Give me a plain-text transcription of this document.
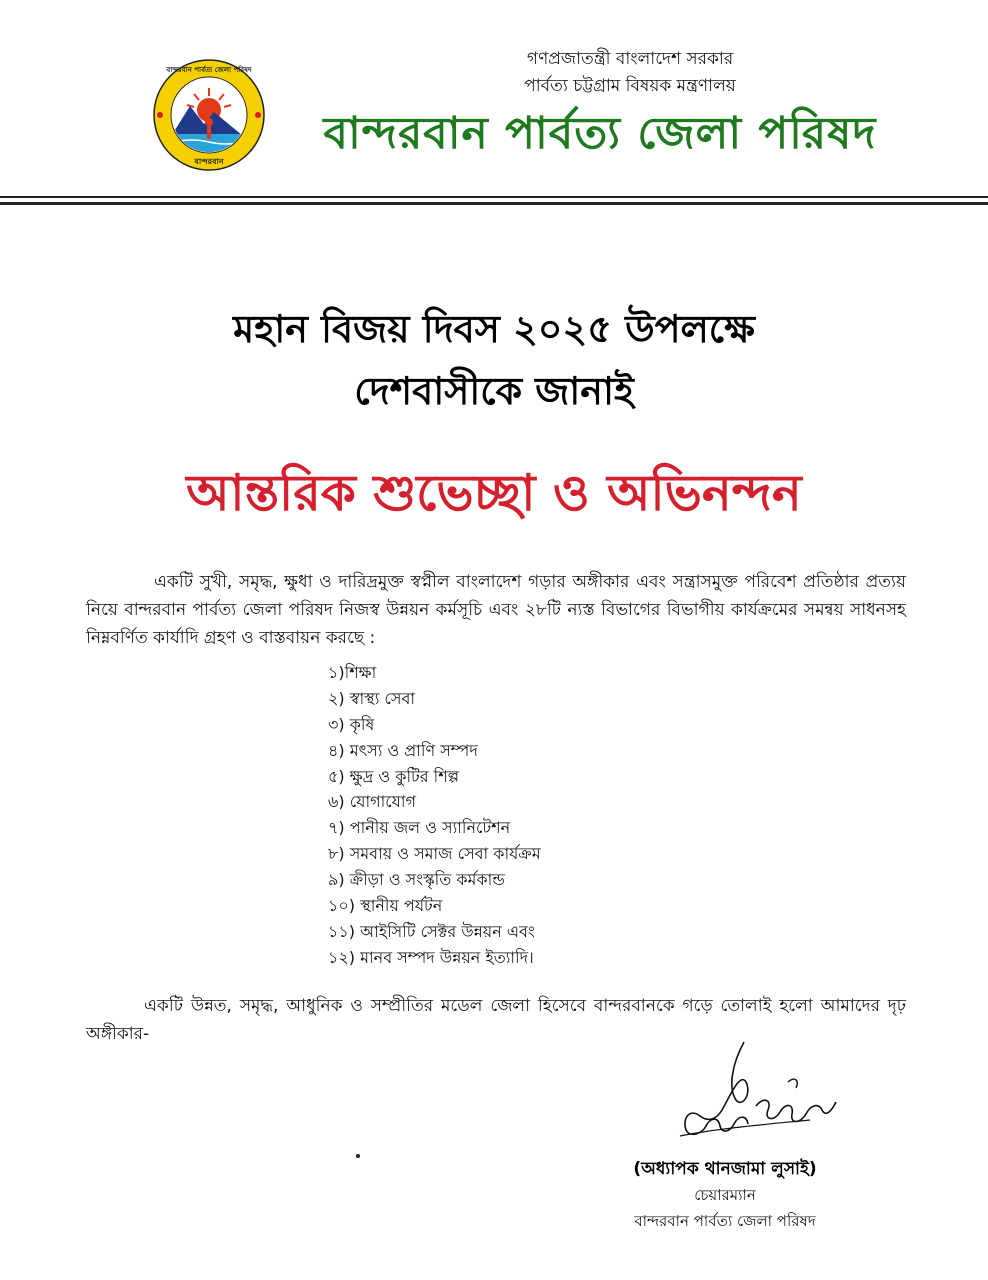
বান্দরবান পার্বত্য জেলা পরিষদ
বান্দরবান
গণপ্রজাতন্ত্রী বাংলাদেশ সরকার
পার্বত্য চট্টগ্রাম বিষয়ক মন্ত্রণালয়
বান্দরবান পার্বত্য জেলা পরিষদ
মহান বিজয় দিবস ২০২৫ উপলক্ষে
দেশবাসীকে জানাই
আন্তরিক শুভেচ্ছা ও অভিনন্দন

একটি সুখী, সমৃদ্ধ, ক্ষুধা ও দারিদ্রমুক্ত স্বপ্নীল বাংলাদেশ গড়ার অঙ্গীকার এবং সন্ত্রাসমুক্ত পরিবেশ প্রতিষ্ঠার প্রত্যয় নিয়ে বান্দরবান পার্বত্য জেলা পরিষদ নিজস্ব উন্নয়ন কর্মসূচি এবং ২৮টি ন্যস্ত বিভাগের বিভাগীয় কার্যক্রমের সমন্বয় সাধনসহ নিম্নবর্ণিত কার্যাদি গ্রহণ ও বাস্তবায়ন করছে :

১)শিক্ষা
২) স্বাস্থ্য সেবা
৩) কৃষি
৪) মৎস্য ও প্রাণি সম্পদ
৫) ক্ষুদ্র ও কুটির শিল্প
৬) যোগাযোগ
৭) পানীয় জল ও স্যানিটেশন
৮) সমবায় ও সমাজ সেবা কার্যক্রম
৯) ক্রীড়া ও সংস্কৃতি কর্মকান্ড
১০) স্থানীয় পর্যটন
১১) আইসিটি সেক্টর উন্নয়ন এবং
১২) মানব সম্পদ উন্নয়ন ইত্যাদি।

একটি উন্নত, সমৃদ্ধ, আধুনিক ও সম্প্রীতির মডেল জেলা হিসেবে বান্দরবানকে গড়ে তোলাই হলো আমাদের দৃঢ় অঙ্গীকার-

(অধ্যাপক থানজামা লুসাই)
চেয়ারম্যান
বান্দরবান পার্বত্য জেলা পরিষদ
